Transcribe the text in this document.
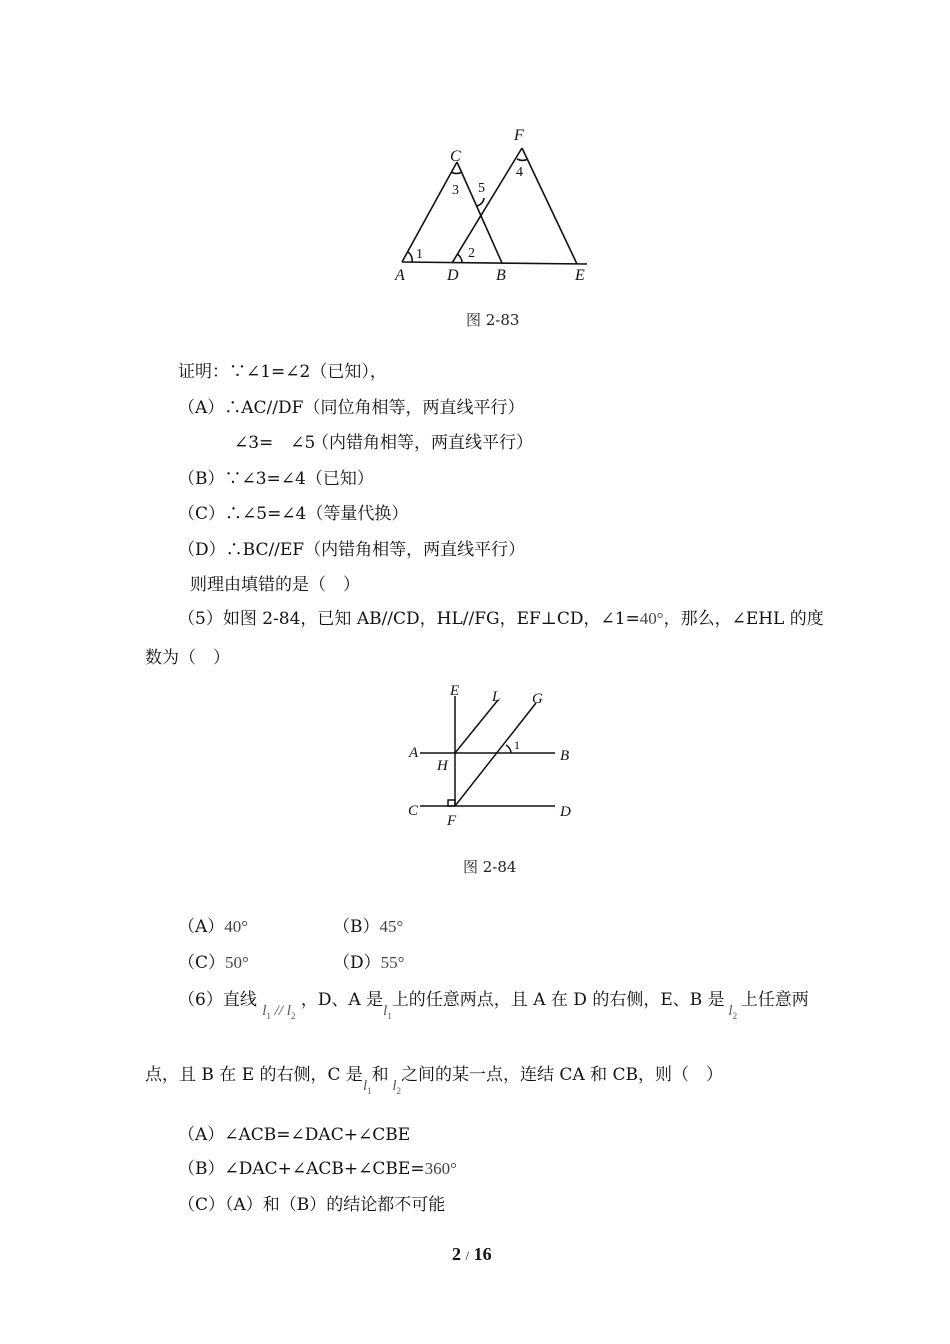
C
F
A	D B	E
1	2
3
4
5
图 2-83
证明：∵∠1=∠2（已知），
（A）∴AC//DF（同位角相等，两直线平行）
∠3=　∠5
（内错角相等，两直线平行）
（B）∵∠3=∠4（已知）
（C）∴∠5=∠4（等量代换）
（D）∴BC//EF（内错角相等，两直线平行）
则理由填错的是（　）
（5）如图 2-84，已知 AB//CD，HL//FG，EF⊥CD，∠1=40°，那么，∠EHL 的度
数为（　）
E L G
A	B
H
C	D
F
1
图 2-84
（A）40°	（B）45°
（C）50°	（D）55°
（6）直线 $l_1 // l_2$ ，D、A 是$l_1$上的任意两点，且 A 在 D 的右侧，E、B 是 $l_2$ 上任意两
点，且 B 在 E 的右侧，C 是$l_1$和 $l_2$之间的某一点，连结 CA 和 CB，则（　）
（A）∠ACB=∠DAC+∠CBE
（B）∠DAC+∠ACB+∠CBE=360°
（C）（A）和（B）的结论都不可能
2 / 16
